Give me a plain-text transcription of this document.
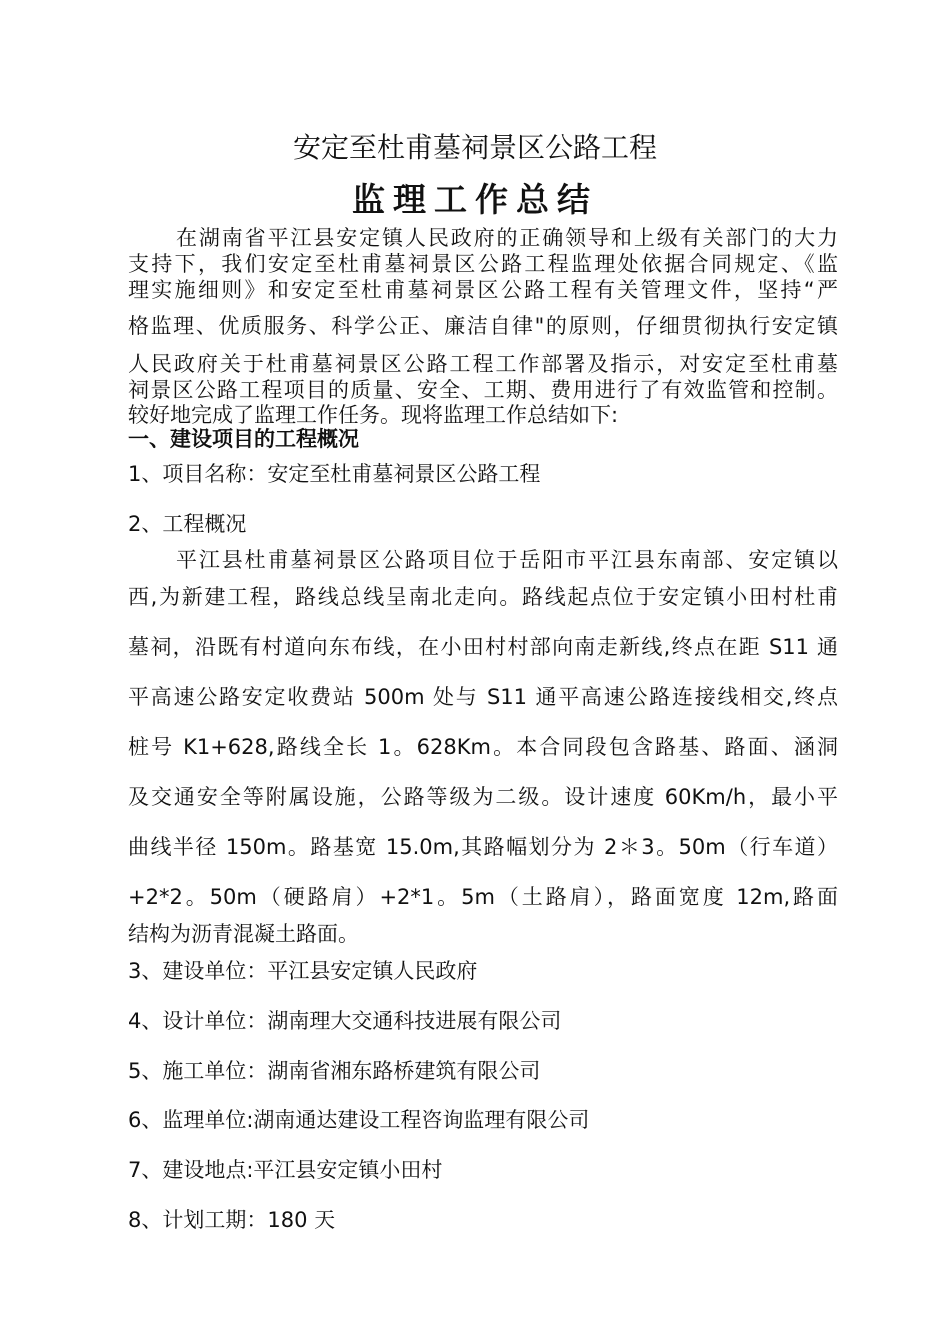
安定至杜甫墓祠景区公路工程
监理工作总结
在湖南省平江县安定镇人民政府的正确领导和上级有关部门的大力
支持下，我们安定至杜甫墓祠景区公路工程监理处依据合同规定、《监
理实施细则》和安定至杜甫墓祠景区公路工程有关管理文件，坚持“严
格监理、优质服务、科学公正、廉洁自律"的原则，仔细贯彻执行安定镇
人民政府关于杜甫墓祠景区公路工程工作部署及指示，对安定至杜甫墓
祠景区公路工程项目的质量、安全、工期、费用进行了有效监管和控制。
较好地完成了监理工作任务。现将监理工作总结如下:
一、建设项目的工程概况
1、项目名称：安定至杜甫墓祠景区公路工程
2、工程概况
平江县杜甫墓祠景区公路项目位于岳阳市平江县东南部、安定镇以
西,为新建工程，路线总线呈南北走向。路线起点位于安定镇小田村杜甫
墓祠，沿既有村道向东布线，在小田村村部向南走新线,终点在距 S11 通
平高速公路安定收费站 500m 处与 S11 通平高速公路连接线相交,终点
桩号 K1+628,路线全长 1。628Km。本合同段包含路基、路面、涵洞
及交通安全等附属设施，公路等级为二级。设计速度 60Km/h，最小平
曲线半径 150m。路基宽 15.0m,其路幅划分为 2＊3。50m（行车道）
+2*2。50m（硬路肩）+2*1。5m（土路肩），路面宽度 12m,路面
结构为沥青混凝土路面。
3、建设单位：平江县安定镇人民政府
4、设计单位：湖南理大交通科技进展有限公司
5、施工单位：湖南省湘东路桥建筑有限公司
6、监理单位:湖南通达建设工程咨询监理有限公司
7、建设地点:平江县安定镇小田村
8、计划工期：180 天
